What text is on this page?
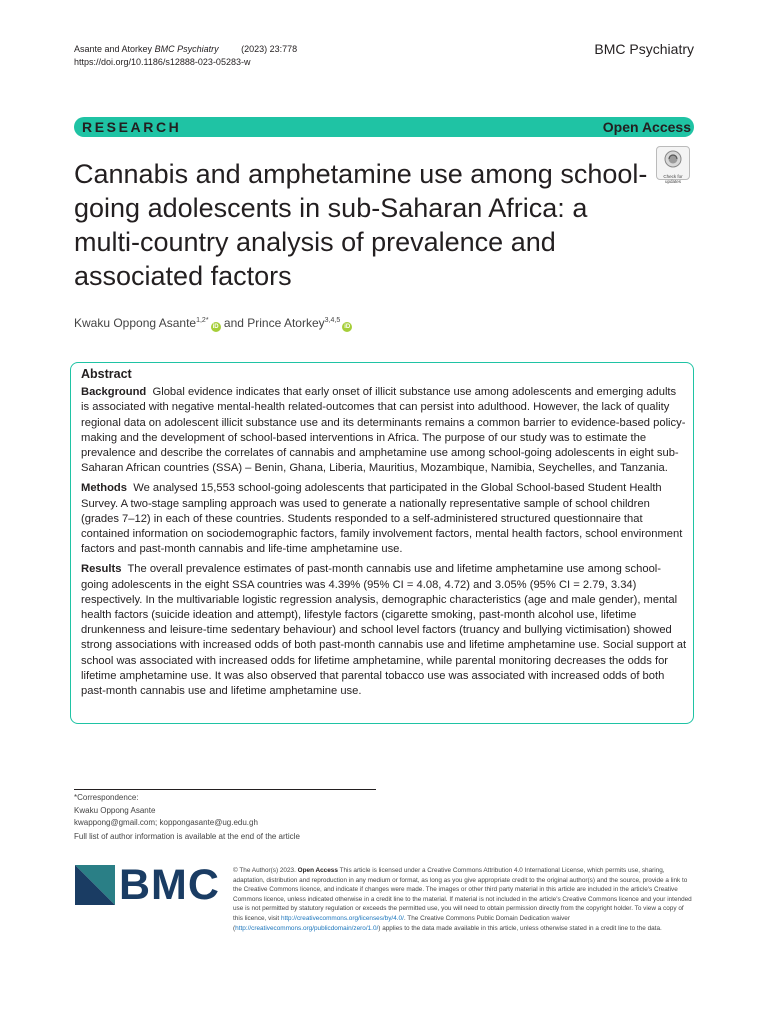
Asante and Atorkey BMC Psychiatry	(2023) 23:778
https://doi.org/10.1186/s12888-023-05283-w
BMC Psychiatry
RESEARCH	Open Access
Check for updates
Cannabis and amphetamine use among school-going adolescents in sub-Saharan Africa: a multi-country analysis of prevalence and associated factors
Kwaku Oppong Asante$^{1,2*}$iD and Prince Atorkey$^{3,4,5}$iD
Abstract

Background Global evidence indicates that early onset of illicit substance use among adolescents and emerging adults is associated with negative mental-health related-outcomes that can persist into adulthood. However, the lack of quality regional data on adolescent illicit substance use and its determinants remains a common barrier to evidence-based policy-making and the development of school-based interventions in Africa. The purpose of our study was to estimate the prevalence and describe the correlates of cannabis and amphetamine use among school-going adolescents in eight sub-Saharan African countries (SSA) – Benin, Ghana, Liberia, Mauritius, Mozambique, Namibia, Seychelles, and Tanzania.

Methods We analysed 15,553 school-going adolescents that participated in the Global School-based Student Health Survey. A two-stage sampling approach was used to generate a nationally representative sample of school children (grades 7–12) in each of these countries. Students responded to a self-administered structured questionnaire that contained information on sociodemographic factors, family involvement factors, mental health factors, school environment factors and past-month cannabis and life-time amphetamine use.

Results The overall prevalence estimates of past-month cannabis use and lifetime amphetamine use among school-going adolescents in the eight SSA countries was 4.39% (95% CI = 4.08, 4.72) and 3.05% (95% CI = 2.79, 3.34) respectively. In the multivariable logistic regression analysis, demographic characteristics (age and male gender), mental health factors (suicide ideation and attempt), lifestyle factors (cigarette smoking, past-month alcohol use, lifetime drunkenness and leisure-time sedentary behaviour) and school level factors (truancy and bullying victimisation) showed strong associations with increased odds of both past-month cannabis use and lifetime amphetamine use. Social support at school was associated with increased odds for lifetime amphetamine, while parental monitoring decreases the odds for lifetime amphetamine use. It was also observed that parental tobacco use was associated with increased odds of both past-month cannabis use and lifetime amphetamine use.

*Correspondence:
Kwaku Oppong Asante
kwappong@gmail.com; koppongasante@ug.edu.gh
Full list of author information is available at the end of the article
BMC © The Author(s) 2023. Open Access This article is licensed under a Creative Commons Attribution 4.0 International License, which permits use, sharing, adaptation, distribution and reproduction in any medium or format, as long as you give appropriate credit to the original author(s) and the source, provide a link to the Creative Commons licence, and indicate if changes were made. The images or other third party material in this article are included in the article's Creative Commons licence, unless indicated otherwise in a credit line to the material. If material is not included in the article's Creative Commons licence and your intended use is not permitted by statutory regulation or exceeds the permitted use, you will need to obtain permission directly from the copyright holder. To view a copy of this licence, visit http://creativecommons.org/licenses/by/4.0/. The Creative Commons Public Domain Dedication waiver (http://creativecommons.org/publicdomain/zero/1.0/) applies to the data made available in this article, unless otherwise stated in a credit line to the data.
